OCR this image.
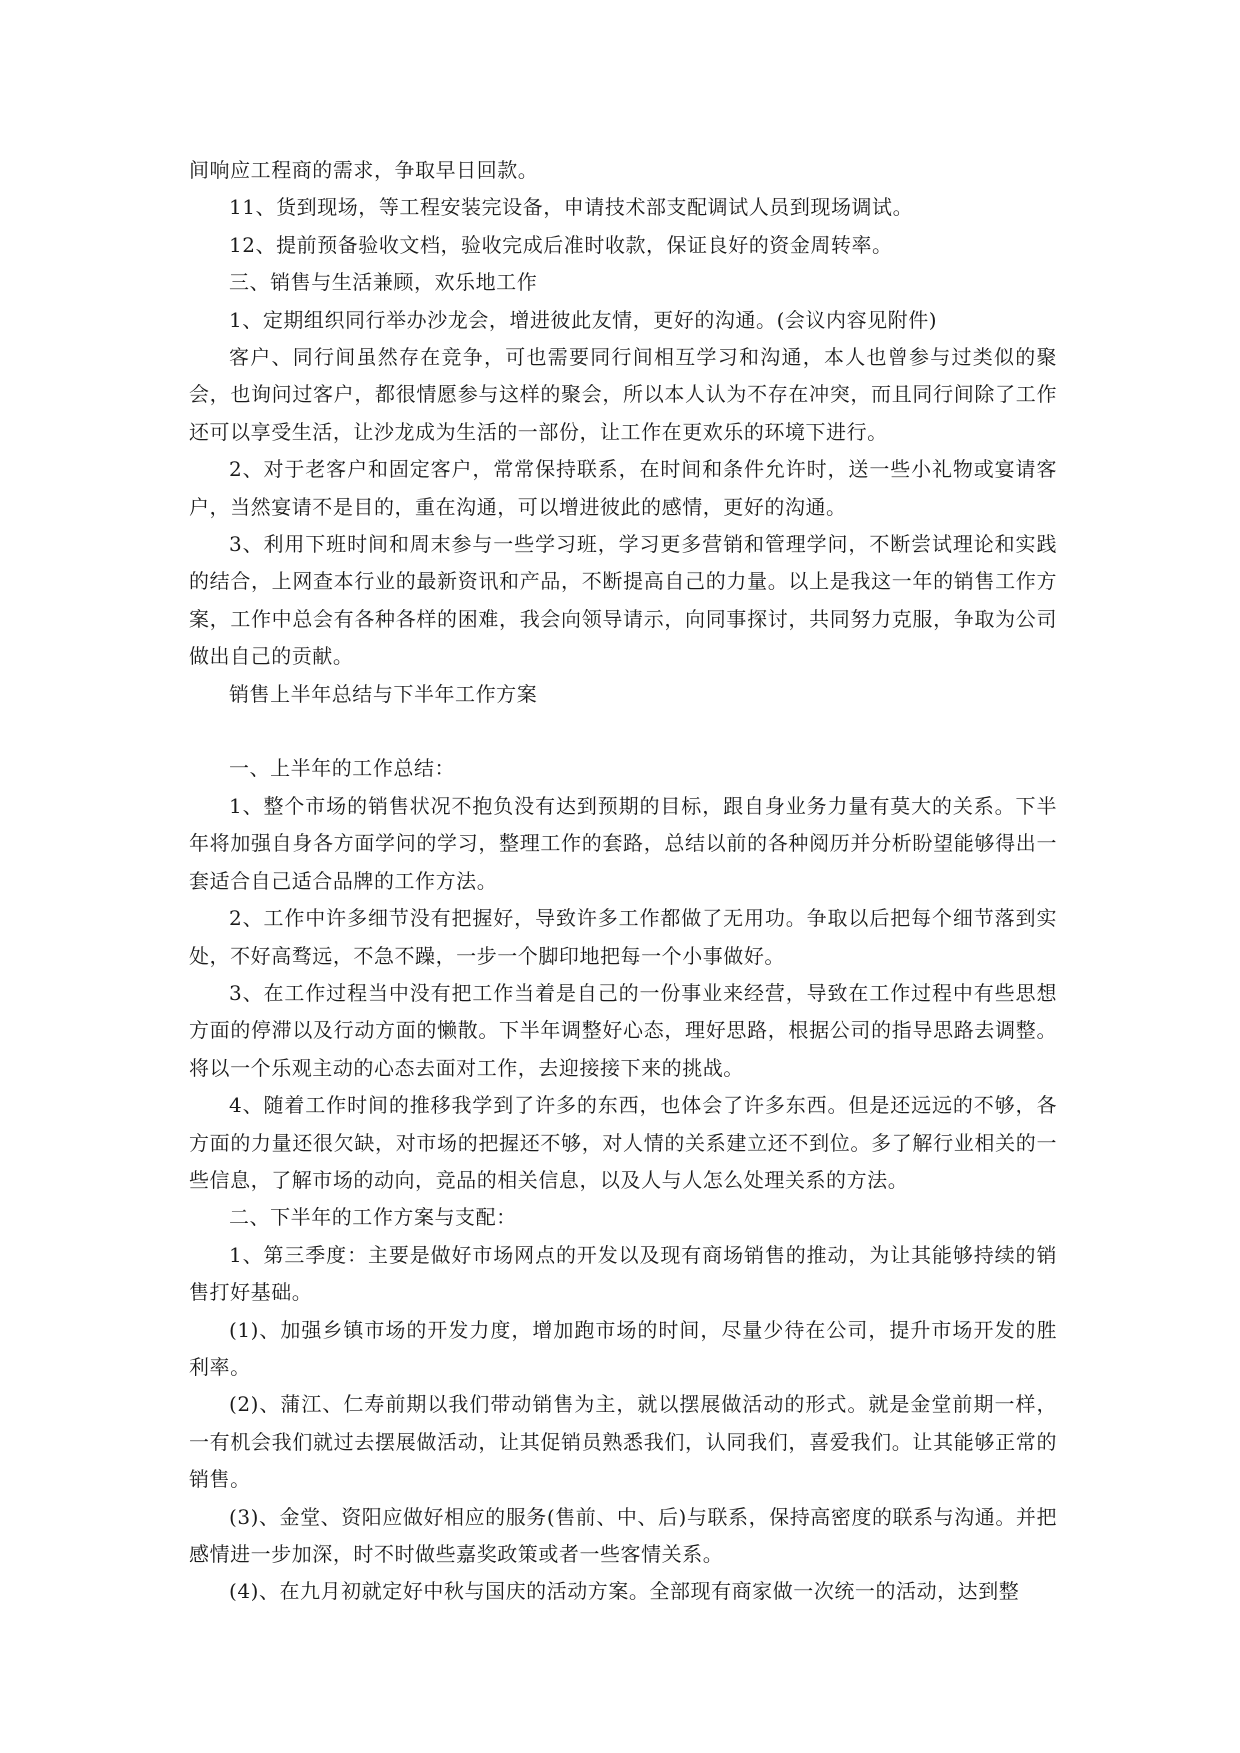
间响应工程商的需求，争取早日回款。

11、货到现场，等工程安装完设备，申请技术部支配调试人员到现场调试。

12、提前预备验收文档，验收完成后准时收款，保证良好的资金周转率。

三、销售与生活兼顾，欢乐地工作

1、定期组织同行举办沙龙会，增进彼此友情，更好的沟通。(会议内容见附件)

客户、同行间虽然存在竞争，可也需要同行间相互学习和沟通，本人也曾参与过类似的聚会，也询问过客户，都很情愿参与这样的聚会，所以本人认为不存在冲突，而且同行间除了工作还可以享受生活，让沙龙成为生活的一部份，让工作在更欢乐的环境下进行。

2、对于老客户和固定客户，常常保持联系，在时间和条件允许时，送一些小礼物或宴请客户，当然宴请不是目的，重在沟通，可以增进彼此的感情，更好的沟通。

3、利用下班时间和周末参与一些学习班，学习更多营销和管理学问，不断尝试理论和实践的结合，上网查本行业的最新资讯和产品，不断提高自己的力量。以上是我这一年的销售工作方案，工作中总会有各种各样的困难，我会向领导请示，向同事探讨，共同努力克服，争取为公司做出自己的贡献。

销售上半年总结与下半年工作方案

一、上半年的工作总结：

1、整个市场的销售状况不抱负没有达到预期的目标，跟自身业务力量有莫大的关系。下半年将加强自身各方面学问的学习，整理工作的套路，总结以前的各种阅历并分析盼望能够得出一套适合自己适合品牌的工作方法。

2、工作中许多细节没有把握好，导致许多工作都做了无用功。争取以后把每个细节落到实处，不好高骛远，不急不躁，一步一个脚印地把每一个小事做好。

3、在工作过程当中没有把工作当着是自己的一份事业来经营，导致在工作过程中有些思想方面的停滞以及行动方面的懒散。下半年调整好心态，理好思路，根据公司的指导思路去调整。将以一个乐观主动的心态去面对工作，去迎接接下来的挑战。

4、随着工作时间的推移我学到了许多的东西，也体会了许多东西。但是还远远的不够，各方面的力量还很欠缺，对市场的把握还不够，对人情的关系建立还不到位。多了解行业相关的一些信息，了解市场的动向，竞品的相关信息，以及人与人怎么处理关系的方法。

二、下半年的工作方案与支配：

1、第三季度：主要是做好市场网点的开发以及现有商场销售的推动，为让其能够持续的销售打好基础。

(1)、加强乡镇市场的开发力度，增加跑市场的时间，尽量少待在公司，提升市场开发的胜利率。

(2)、蒲江、仁寿前期以我们带动销售为主，就以摆展做活动的形式。就是金堂前期一样，一有机会我们就过去摆展做活动，让其促销员熟悉我们，认同我们，喜爱我们。让其能够正常的销售。

(3)、金堂、资阳应做好相应的服务(售前、中、后)与联系，保持高密度的联系与沟通。并把感情进一步加深，时不时做些嘉奖政策或者一些客情关系。

(4)、在九月初就定好中秋与国庆的活动方案。全部现有商家做一次统一的活动，达到整
